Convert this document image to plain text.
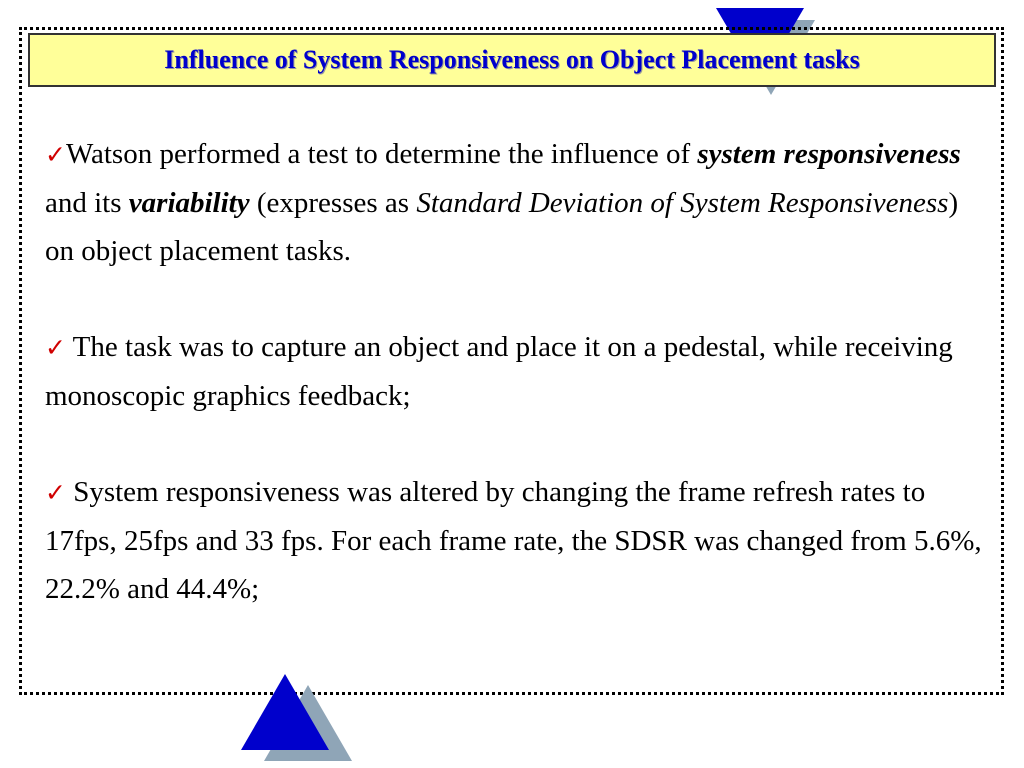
Influence of System Responsiveness on Object Placement tasks
✓Watson performed a test to determine the influence of system responsiveness and its variability (expresses as Standard Deviation of System Responsiveness) on object placement tasks.
✓ The task was to capture an object and place it on a pedestal, while receiving monoscopic graphics feedback;
✓ System responsiveness was altered by changing the frame refresh rates to 17fps, 25fps and 33 fps. For each frame rate, the SDSR was changed from 5.6%, 22.2% and 44.4%;
